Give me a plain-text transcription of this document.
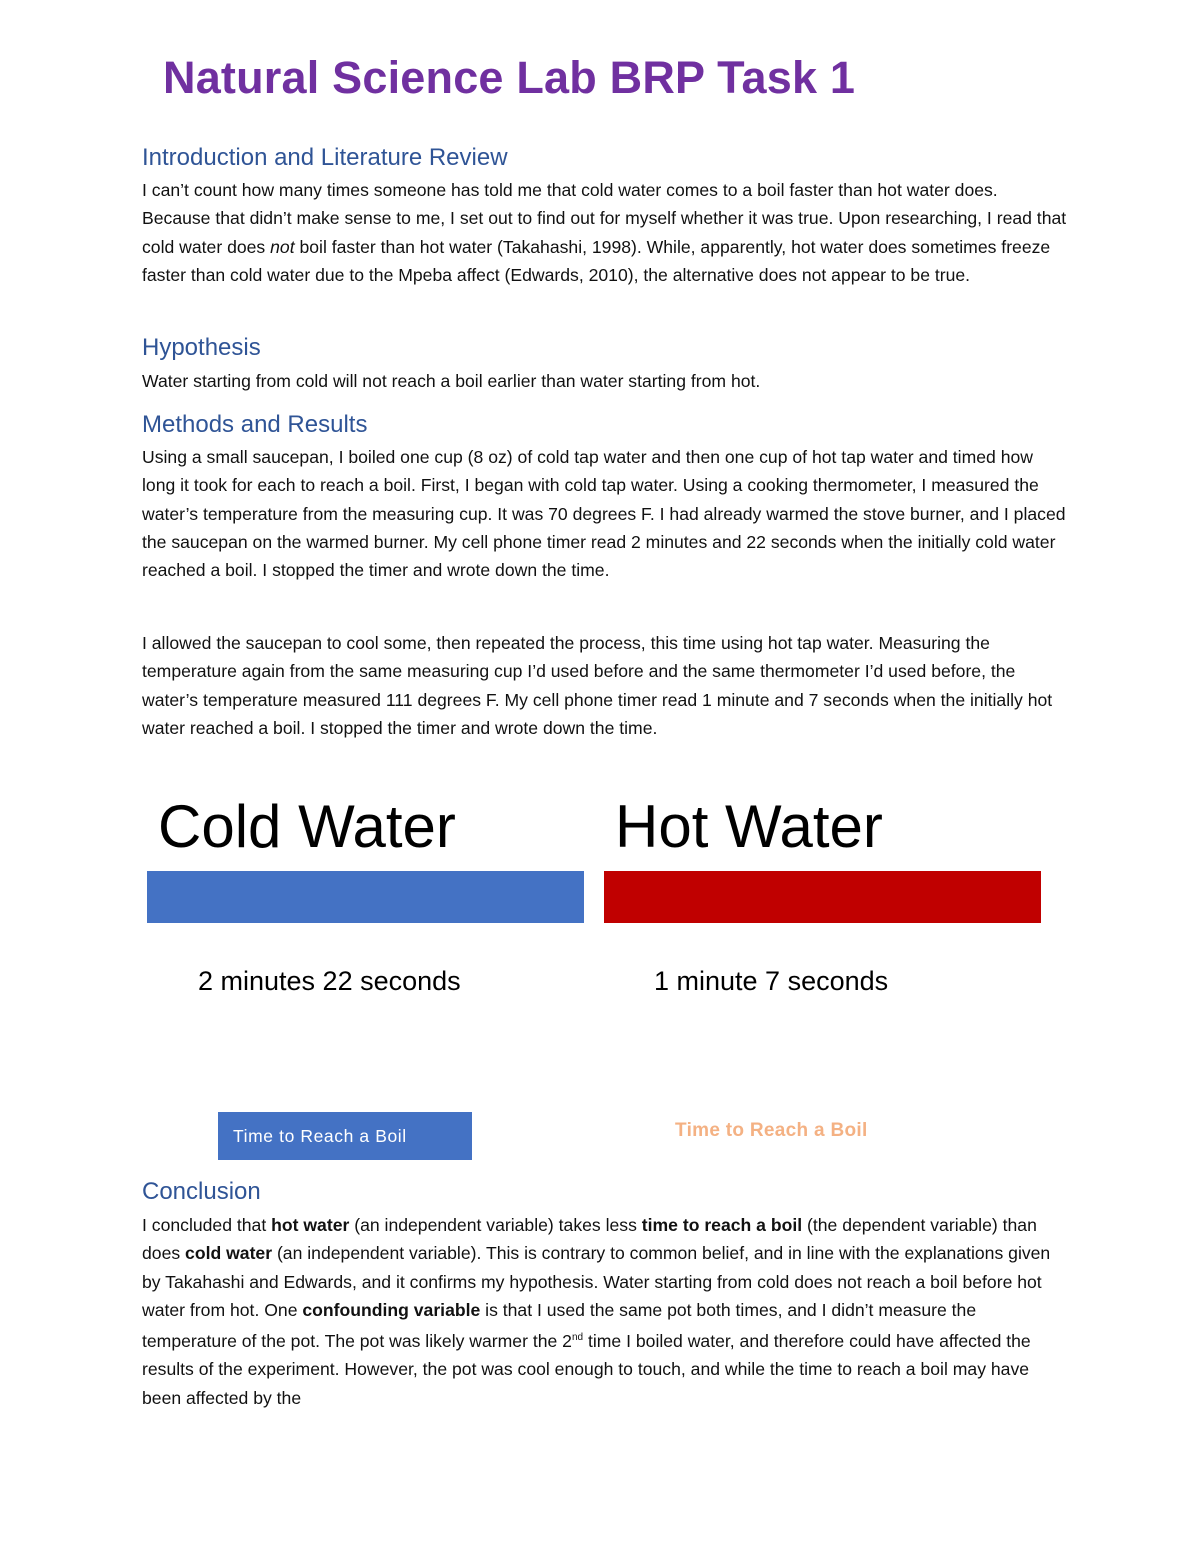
Natural Science Lab BRP Task 1
Introduction and Literature Review
I can’t count how many times someone has told me that cold water comes to a boil faster than hot water does. Because that didn’t make sense to me, I set out to find out for myself whether it was true. Upon researching, I read that cold water does not boil faster than hot water (Takahashi, 1998). While, apparently, hot water does sometimes freeze faster than cold water due to the Mpeba affect (Edwards, 2010), the alternative does not appear to be true.
Hypothesis
Water starting from cold will not reach a boil earlier than water starting from hot.
Methods and Results
Using a small saucepan, I boiled one cup (8 oz) of cold tap water and then one cup of hot tap water and timed how long it took for each to reach a boil. First, I began with cold tap water. Using a cooking thermometer, I measured the water’s temperature from the measuring cup. It was 70 degrees F. I had already warmed the stove burner, and I placed the saucepan on the warmed burner. My cell phone timer read 2 minutes and 22 seconds when the initially cold water reached a boil. I stopped the timer and wrote down the time.
I allowed the saucepan to cool some, then repeated the process, this time using hot tap water. Measuring the temperature again from the same measuring cup I’d used before and the same thermometer I’d used before, the water’s temperature measured 111 degrees F. My cell phone timer read 1 minute and 7 seconds when the initially hot water reached a boil. I stopped the timer and wrote down the time.
Cold Water	Hot Water
2 minutes 22 seconds	1 minute 7 seconds
Time to Reach a Boil	Time to Reach a Boil
Conclusion
I concluded that hot water (an independent variable) takes less time to reach a boil (the dependent variable) than does cold water (an independent variable). This is contrary to common belief, and in line with the explanations given by Takahashi and Edwards, and it confirms my hypothesis. Water starting from cold does not reach a boil before hot water from hot. One confounding variable is that I used the same pot both times, and I didn’t measure the temperature of the pot. The pot was likely warmer the 2nd time I boiled water, and therefore could have affected the results of the experiment. However, the pot was cool enough to touch, and while the time to reach a boil may have been affected by the
